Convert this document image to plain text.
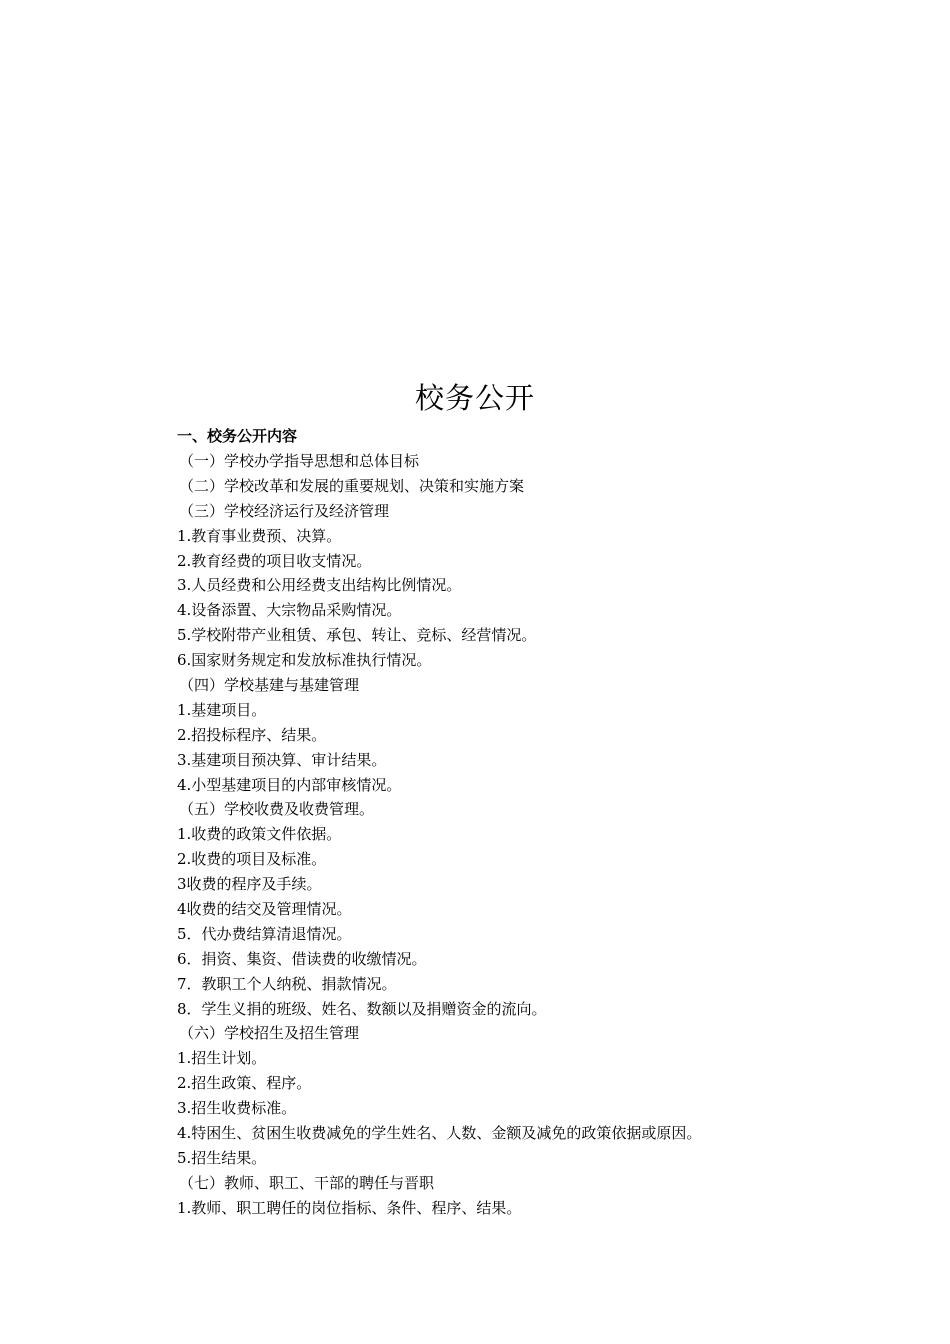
校务公开
一、校务公开内容
（一）学校办学指导思想和总体目标
（二）学校改革和发展的重要规划、决策和实施方案
（三）学校经济运行及经济管理
1.教育事业费预、决算。
2.教育经费的项目收支情况。
3.人员经费和公用经费支出结构比例情况。
4.设备添置、大宗物品采购情况。
5.学校附带产业租赁、承包、转让、竞标、经营情况。
6.国家财务规定和发放标准执行情况。
（四）学校基建与基建管理
1.基建项目。
2.招投标程序、结果。
3.基建项目预决算、审计结果。
4.小型基建项目的内部审核情况。
（五）学校收费及收费管理。
1.收费的政策文件依据。
2.收费的项目及标准。
3收费的程序及手续。
4收费的结交及管理情况。
5．代办费结算清退情况。
6．捐资、集资、借读费的收缴情况。
7．教职工个人纳税、捐款情况。
8．学生义捐的班级、姓名、数额以及捐赠资金的流向。
（六）学校招生及招生管理
1.招生计划。
2.招生政策、程序。
3.招生收费标准。
4.特困生、贫困生收费减免的学生姓名、人数、金额及减免的政策依据或原因。
5.招生结果。
（七）教师、职工、干部的聘任与晋职
1.教师、职工聘任的岗位指标、条件、程序、结果。
